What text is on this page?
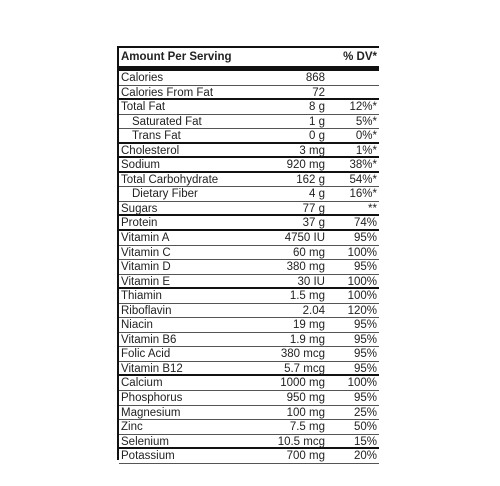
Amount Per Serving	% DV*
Calories	868
Calories From Fat	72
Total Fat	8 g 12%*
Saturated Fat	1 g	5%*
Trans Fat	0 g	0%*
Cholesterol	3 mg	1%*
Sodium	920 mg 38%*
Total Carbohydrate	162 g 54%*
Dietary Fiber	4 g 16%*
Sugars	77 g	**
Protein	37 g	74%
Vitamin A	4750 IU	95%
Vitamin C	60 mg 100%
Vitamin D	380 mg	95%
Vitamin E	30 IU 100%
Thiamin	1.5 mg 100%
Riboflavin	2.04 120%
Niacin	19 mg	95%
Vitamin B6	1.9 mg	95%
Folic Acid	380 mcg	95%
Vitamin B12	5.7 mcg	95%
Calcium	1000 mg 100%
Phosphorus	950 mg	95%
Magnesium	100 mg	25%
Zinc	7.5 mg	50%
Selenium	10.5 mcg	15%
Potassium	700 mg	20%
